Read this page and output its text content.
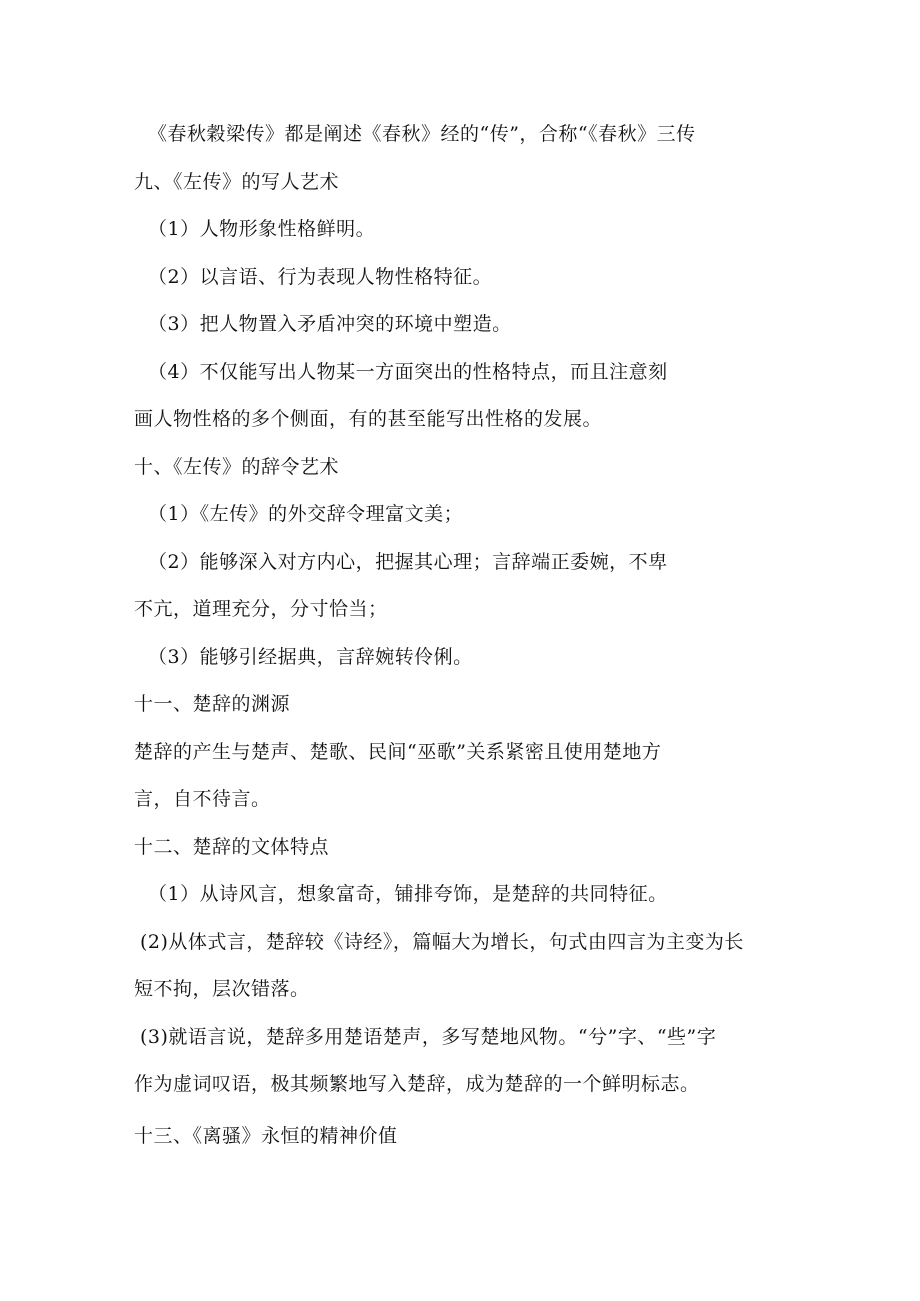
《春秋穀梁传》都是阐述《春秋》经的“传”，合称“《春秋》三传
九、《左传》的写人艺术
（1）人物形象性格鲜明。
（2）以言语、行为表现人物性格特征。
（3）把人物置入矛盾冲突的环境中塑造。
（4）不仅能写出人物某一方面突出的性格特点，而且注意刻
画人物性格的多个侧面，有的甚至能写出性格的发展。
十、《左传》的辞令艺术
（1）《左传》的外交辞令理富文美；
（2）能够深入对方内心，把握其心理；言辞端正委婉，不卑
不亢，道理充分，分寸恰当；
（3）能够引经据典，言辞婉转伶俐。
十一、楚辞的渊源
楚辞的产生与楚声、楚歌、民间“巫歌”关系紧密且使用楚地方
言，自不待言。
十二、楚辞的文体特点
（1）从诗风言，想象富奇，铺排夸饰，是楚辞的共同特征。
(2)从体式言，楚辞较《诗经》，篇幅大为增长，句式由四言为主变为长
短不拘，层次错落。
(3)就语言说，楚辞多用楚语楚声，多写楚地风物。“兮”字、“些”字
作为虚词叹语，极其频繁地写入楚辞，成为楚辞的一个鲜明标志。
十三、《离骚》永恒的精神价值
